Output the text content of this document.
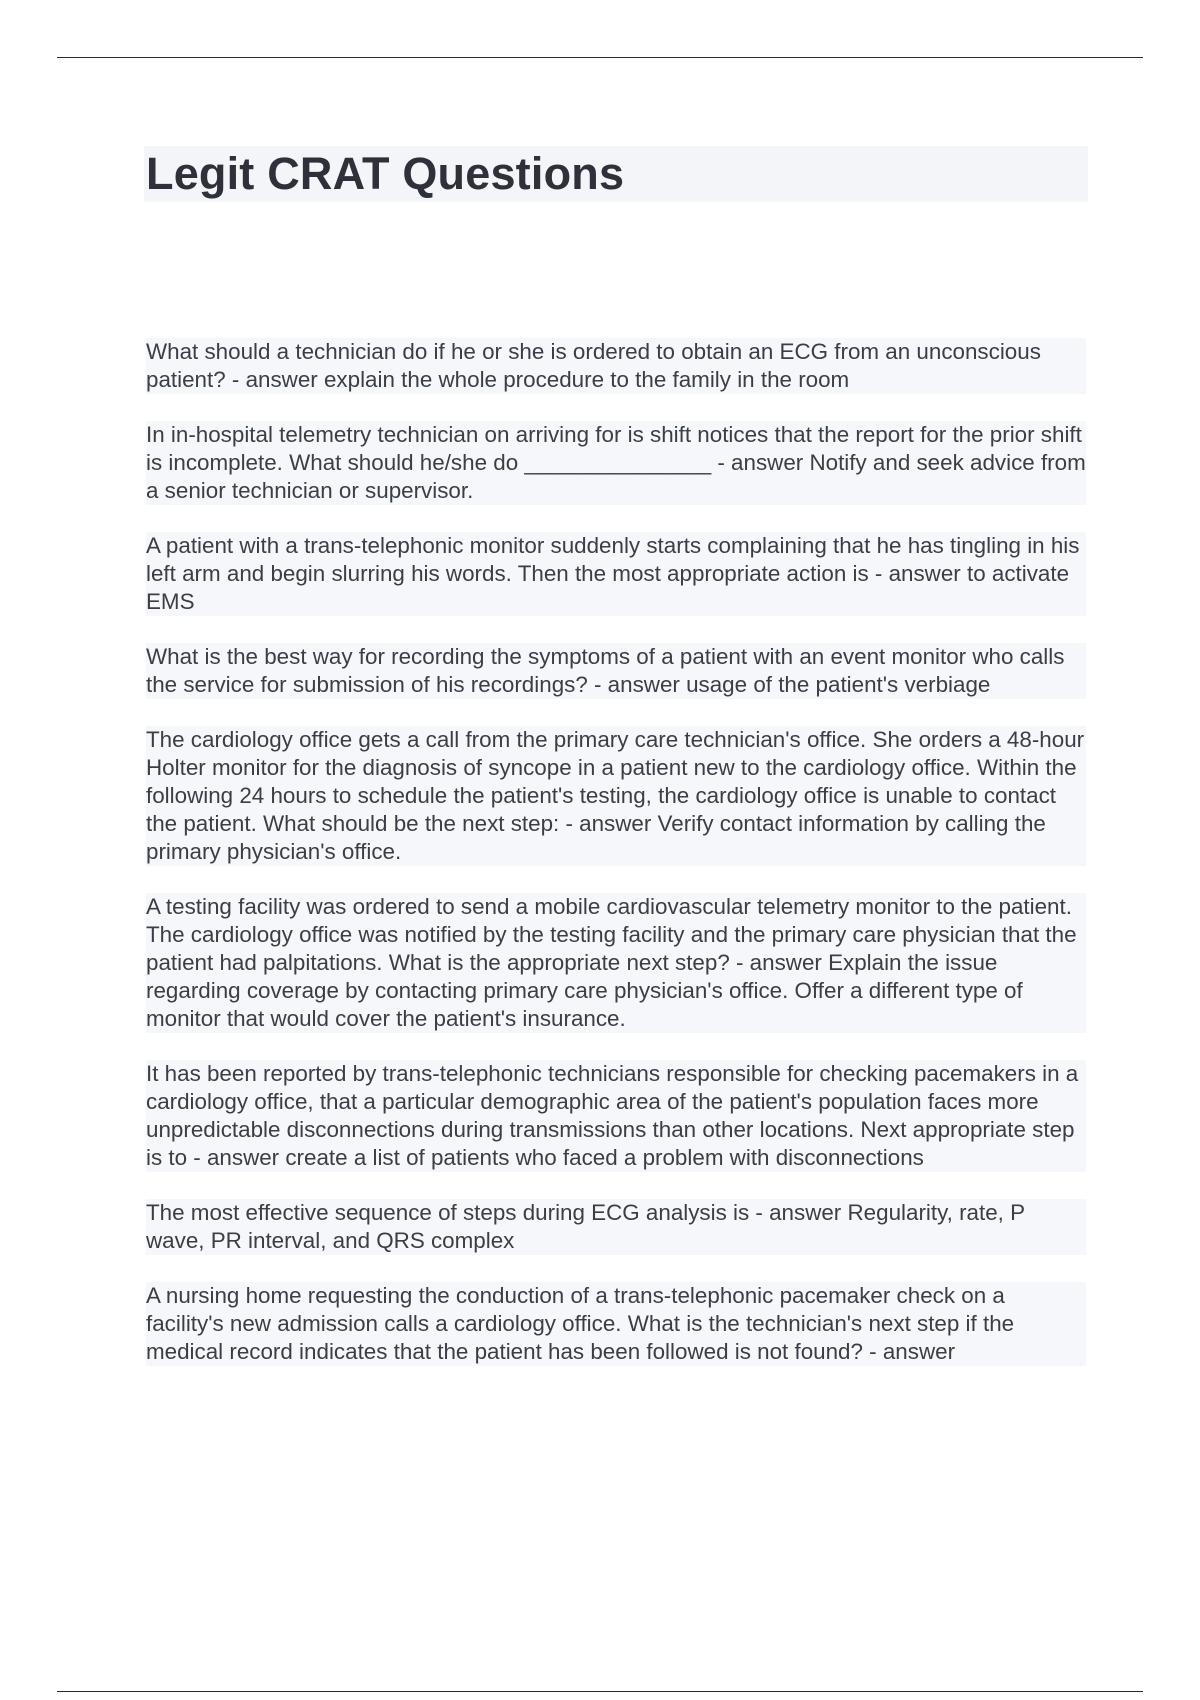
Legit CRAT Questions

What should a technician do if he or she is ordered to obtain an ECG from an unconscious patient? - answer explain the whole procedure to the family in the room

In in-hospital telemetry technician on arriving for is shift notices that the report for the prior shift is incomplete. What should he/she do _______________ - answer Notify and seek advice from a senior technician or supervisor.

A patient with a trans-telephonic monitor suddenly starts complaining that he has tingling in his left arm and begin slurring his words. Then the most appropriate action is - answer to activate EMS

What is the best way for recording the symptoms of a patient with an event monitor who calls the service for submission of his recordings? - answer usage of the patient's verbiage

The cardiology office gets a call from the primary care technician's office. She orders a 48-hour Holter monitor for the diagnosis of syncope in a patient new to the cardiology office. Within the following 24 hours to schedule the patient's testing, the cardiology office is unable to contact the patient. What should be the next step: - answer Verify contact information by calling the primary physician's office.

A testing facility was ordered to send a mobile cardiovascular telemetry monitor to the patient. The cardiology office was notified by the testing facility and the primary care physician that the patient had palpitations. What is the appropriate next step? - answer Explain the issue regarding coverage by contacting primary care physician's office. Offer a different type of monitor that would cover the patient's insurance.

It has been reported by trans-telephonic technicians responsible for checking pacemakers in a cardiology office, that a particular demographic area of the patient's population faces more unpredictable disconnections during transmissions than other locations. Next appropriate step is to - answer create a list of patients who faced a problem with disconnections

The most effective sequence of steps during ECG analysis is - answer Regularity, rate, P wave, PR interval, and QRS complex

A nursing home requesting the conduction of a trans-telephonic pacemaker check on a facility's new admission calls a cardiology office. What is the technician's next step if the medical record indicates that the patient has been followed is not found? - answer
